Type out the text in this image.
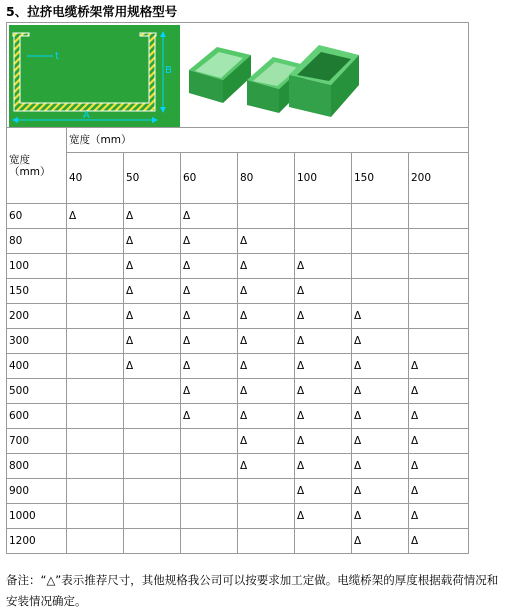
5、拉挤电缆桥架常用规格型号
B
A
t							

宽度
（mm）	宽度（mm）						
	40	50	60	80	100	150	200
60	Δ	Δ	Δ				
80		Δ	Δ	Δ			
100		Δ	Δ	Δ	Δ		
150		Δ	Δ	Δ	Δ		
200		Δ	Δ	Δ	Δ	Δ	
300		Δ	Δ	Δ	Δ	Δ	
400		Δ	Δ	Δ	Δ	Δ	Δ
500			Δ	Δ	Δ	Δ	Δ
600			Δ	Δ	Δ	Δ	Δ
700				Δ	Δ	Δ	Δ
800				Δ	Δ	Δ	Δ
900					Δ	Δ	Δ
1000					Δ	Δ	Δ
1200						Δ	Δ
备注：“△”表示推荐尺寸，其他规格我公司可以按要求加工定做。电缆桥架的厚度根据载荷情况和安装情况确定。
